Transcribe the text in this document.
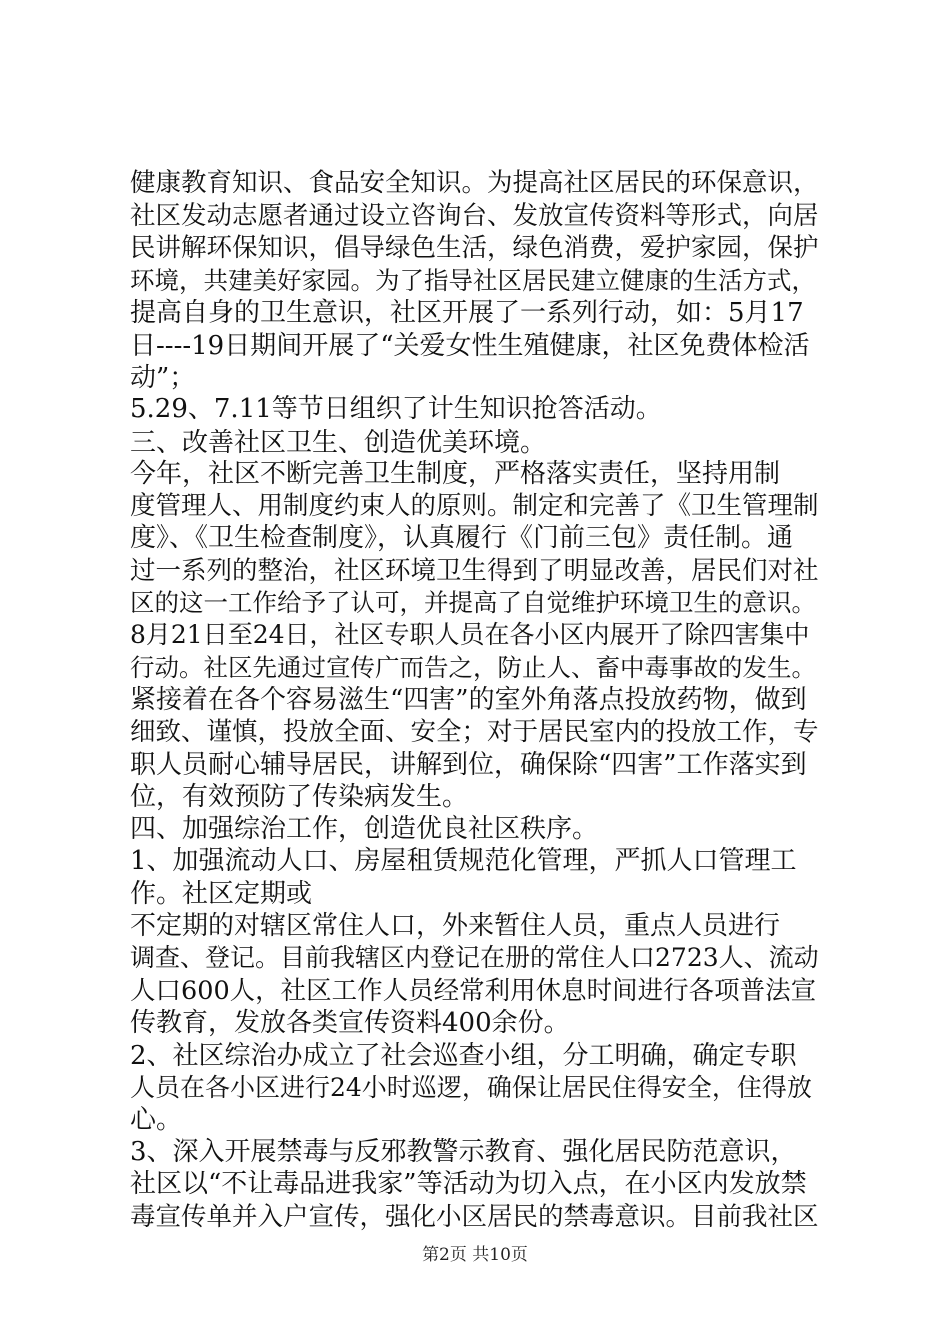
健康教育知识、食品安全知识。为提高社区居民的环保意识，
社区发动志愿者通过设立咨询台、发放宣传资料等形式，向居
民讲解环保知识，倡导绿色生活，绿色消费，爱护家园，保护
环境，共建美好家园。为了指导社区居民建立健康的生活方式，
提高自身的卫生意识，社区开展了一系列行动，如：5月17
日----19日期间开展了“关爱女性生殖健康，社区免费体检活
动”；
5.29、7.11等节日组织了计生知识抢答活动。
三、改善社区卫生、创造优美环境。
今年，社区不断完善卫生制度，严格落实责任，坚持用制
度管理人、用制度约束人的原则。制定和完善了《卫生管理制
度》、《卫生检查制度》，认真履行《门前三包》责任制。通
过一系列的整治，社区环境卫生得到了明显改善，居民们对社
区的这一工作给予了认可，并提高了自觉维护环境卫生的意识。
8月21日至24日，社区专职人员在各小区内展开了除四害集中
行动。社区先通过宣传广而告之，防止人、畜中毒事故的发生。
紧接着在各个容易滋生“四害”的室外角落点投放药物，做到
细致、谨慎，投放全面、安全；对于居民室内的投放工作，专
职人员耐心辅导居民，讲解到位，确保除“四害”工作落实到
位，有效预防了传染病发生。
四、加强综治工作，创造优良社区秩序。
1、加强流动人口、房屋租赁规范化管理，严抓人口管理工
作。社区定期或
不定期的对辖区常住人口，外来暂住人员，重点人员进行
调查、登记。目前我辖区内登记在册的常住人口2723人、流动
人口600人，社区工作人员经常利用休息时间进行各项普法宣
传教育，发放各类宣传资料400余份。
2、社区综治办成立了社会巡查小组，分工明确，确定专职
人员在各小区进行24小时巡逻，确保让居民住得安全，住得放
心。
3、深入开展禁毒与反邪教警示教育、强化居民防范意识，
社区以“不让毒品进我家”等活动为切入点，在小区内发放禁
毒宣传单并入户宣传，强化小区居民的禁毒意识。目前我社区
第2页 共10页
